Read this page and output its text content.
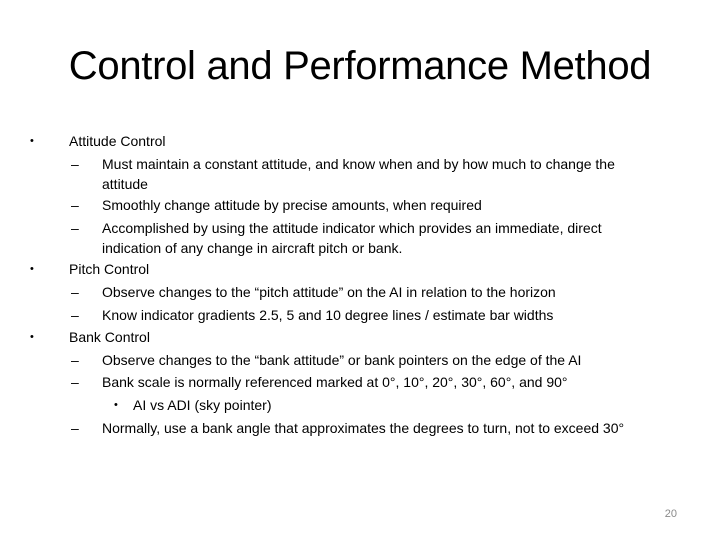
Control and Performance Method
•	Attitude Control
– Must maintain a constant attitude, and know when and by how much to change the
attitude
– Smoothly change attitude by precise amounts, when required
– Accomplished by using the attitude indicator which provides an immediate, direct
indication of any change in aircraft pitch or bank.
•	Pitch Control
– Observe changes to the “pitch attitude” on the AI in relation to the horizon
– Know indicator gradients 2.5, 5 and 10 degree lines / estimate bar widths
•	Bank Control
– Observe changes to the “bank attitude” or bank pointers on the edge of the AI
– Bank scale is normally referenced marked at 0°, 10°, 20°, 30°, 60°, and 90°
• AI vs ADI (sky pointer)
– Normally, use a bank angle that approximates the degrees to turn, not to exceed 30°
20
